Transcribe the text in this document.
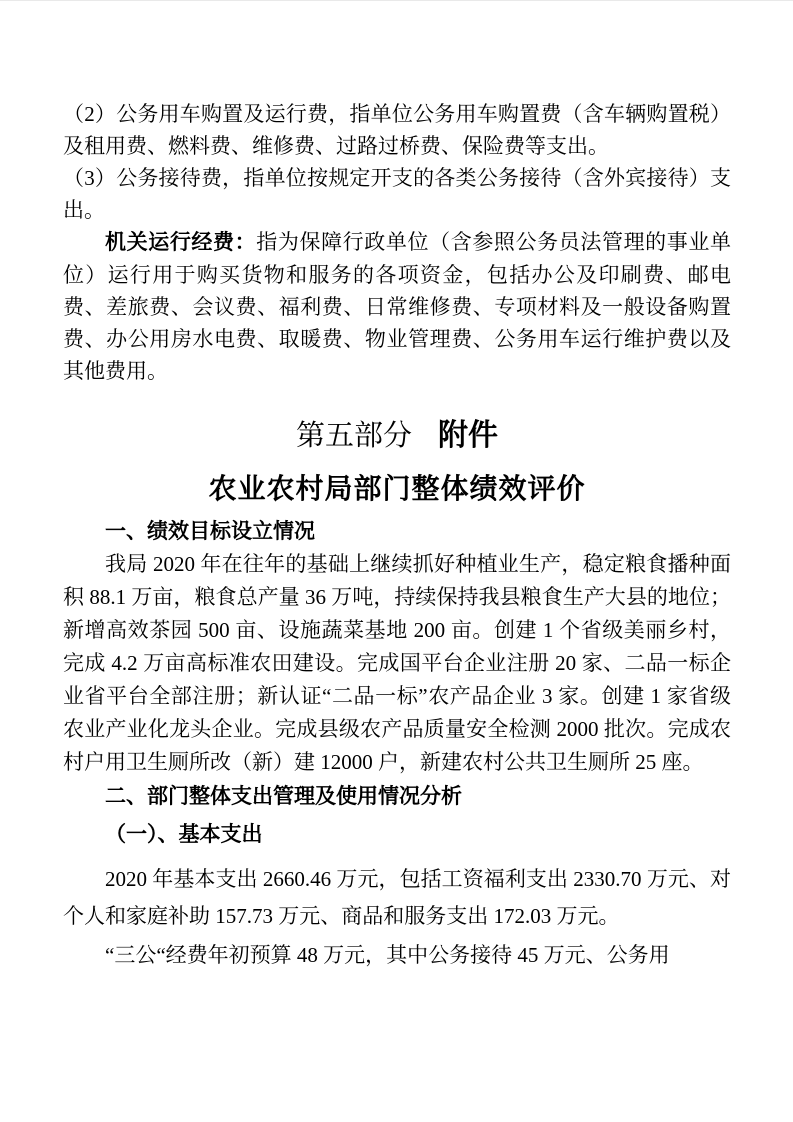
（2）公务用车购置及运行费，指单位公务用车购置费（含车辆购置税）及租用费、燃料费、维修费、过路过桥费、保险费等支出。

（3）公务接待费，指单位按规定开支的各类公务接待（含外宾接待）支出。

机关运行经费：指为保障行政单位（含参照公务员法管理的事业单位）运行用于购买货物和服务的各项资金，包括办公及印刷费、邮电费、差旅费、会议费、福利费、日常维修费、专项材料及一般设备购置费、办公用房水电费、取暖费、物业管理费、公务用车运行维护费以及其他费用。

第五部分 附件
农业农村局部门整体绩效评价
一、绩效目标设立情况

我局 2020 年在往年的基础上继续抓好种植业生产，稳定粮食播种面积 88.1 万亩，粮食总产量 36 万吨，持续保持我县粮食生产大县的地位；新增高效茶园 500 亩、设施蔬菜基地 200 亩。创建 1 个省级美丽乡村，完成 4.2 万亩高标准农田建设。完成国平台企业注册 20 家、二品一标企业省平台全部注册；新认证“二品一标”农产品企业 3 家。创建 1 家省级农业产业化龙头企业。完成县级农产品质量安全检测 2000 批次。完成农村户用卫生厕所改（新）建 12000 户，新建农村公共卫生厕所 25 座。

二、部门整体支出管理及使用情况分析
（一）、基本支出

2020 年基本支出 2660.46 万元，包括工资福利支出 2330.70 万元、对个人和家庭补助 157.73 万元、商品和服务支出 172.03 万元。

“三公“经费年初预算 48 万元，其中公务接待 45 万元、公务用
